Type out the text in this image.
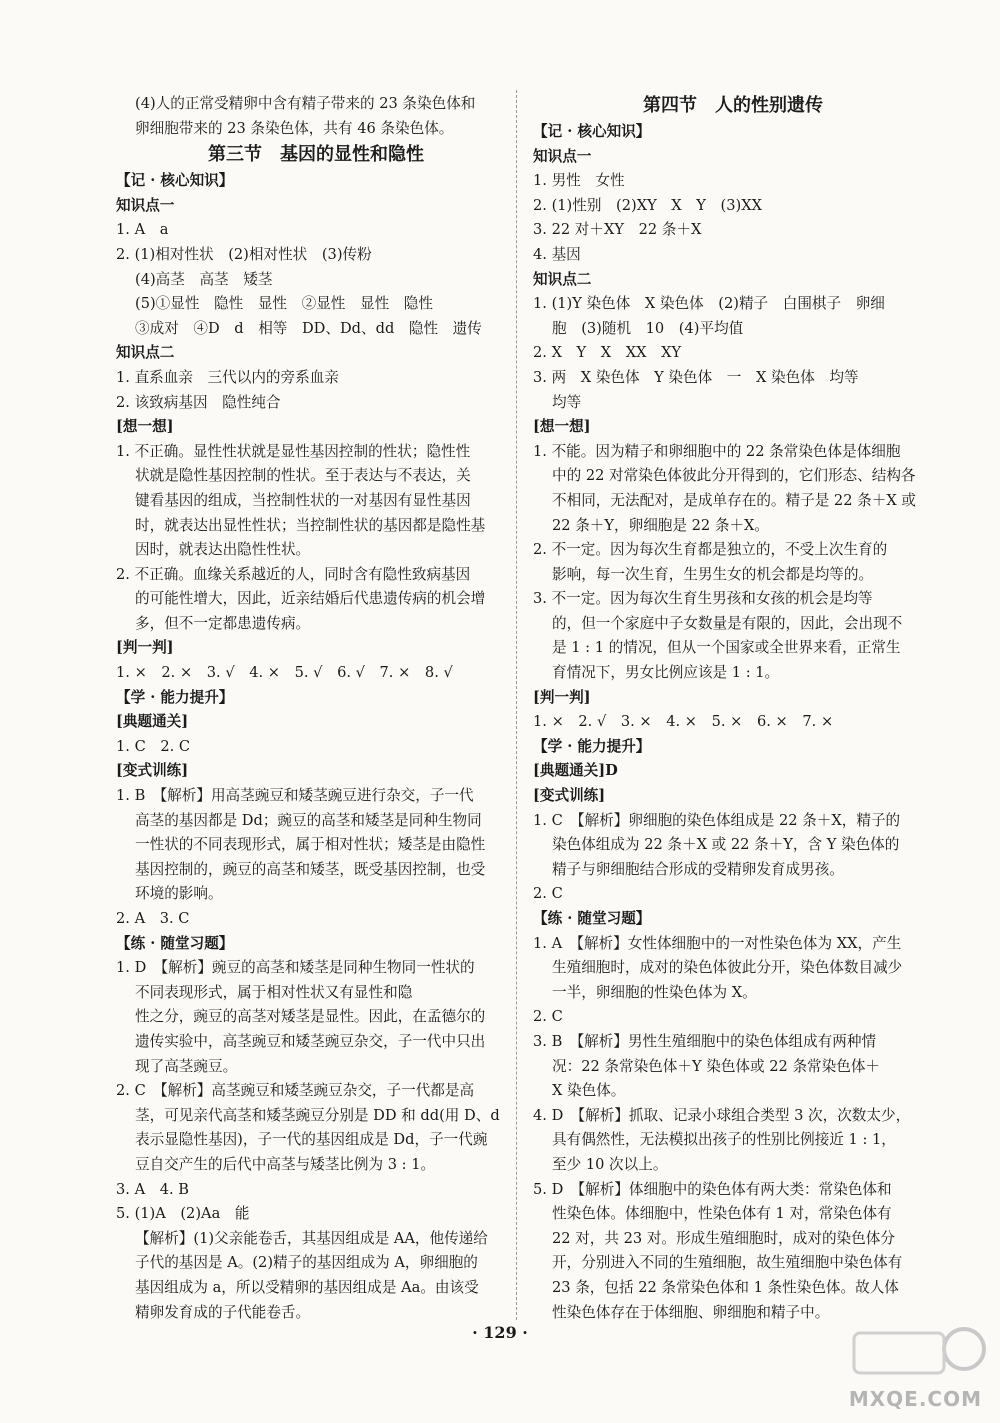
(4)人的正常受精卵中含有精子带来的 23 条染色体和
卵细胞带来的 23 条染色体，共有 46 条染色体。
第三节　基因的显性和隐性
【记 · 核心知识】
知识点一
1. A　a
2. (1)相对性状　(2)相对性状　(3)传粉
(4)高茎　高茎　矮茎
(5)①显性　隐性　显性　②显性　显性　隐性
③成对　④D　d　相等　DD、Dd、dd　隐性　遗传
知识点二
1. 直系血亲　三代以内的旁系血亲
2. 该致病基因　隐性纯合
[想一想]
1. 不正确。显性性状就是显性基因控制的性状；隐性性
状就是隐性基因控制的性状。至于表达与不表达，关
键看基因的组成，当控制性状的一对基因有显性基因
时，就表达出显性性状；当控制性状的基因都是隐性基
因时，就表达出隐性性状。
2. 不正确。血缘关系越近的人，同时含有隐性致病基因
的可能性增大，因此，近亲结婚后代患遗传病的机会增
多，但不一定都患遗传病。
[判一判]
1. ×　2. ×　3. √　4. ×　5. √　6. √　7. ×　8. √
【学 · 能力提升】
[典题通关]
1. C　2. C
[变式训练]
1. B　【解析】用高茎豌豆和矮茎豌豆进行杂交，子一代
高茎的基因都是 Dd；豌豆的高茎和矮茎是同种生物同
一性状的不同表现形式，属于相对性状；矮茎是由隐性
基因控制的，豌豆的高茎和矮茎，既受基因控制，也受
环境的影响。
2. A　3. C
【练 · 随堂习题】
1. D　【解析】豌豆的高茎和矮茎是同种生物同一性状的
不同表现形式，属于相对性状又有显性和隐
性之分，豌豆的高茎对矮茎是显性。因此，在孟德尔的
遗传实验中，高茎豌豆和矮茎豌豆杂交，子一代中只出
现了高茎豌豆。
2. C　【解析】高茎豌豆和矮茎豌豆杂交，子一代都是高
茎，可见亲代高茎和矮茎豌豆分别是 DD 和 dd(用 D、d
表示显隐性基因)，子一代的基因组成是 Dd，子一代豌
豆自交产生的后代中高茎与矮茎比例为 3 : 1。
3. A　4. B
5. (1)A　(2)Aa　能
【解析】(1)父亲能卷舌，其基因组成是 AA，他传递给
子代的基因是 A。(2)精子的基因组成为 A，卵细胞的
基因组成为 a，所以受精卵的基因组成是 Aa。由该受
精卵发育成的子代能卷舌。
第四节　人的性别遗传
【记 · 核心知识】
知识点一
1. 男性　女性
2. (1)性别　(2)XY　X　Y　(3)XX
3. 22 对＋XY　22 条＋X
4. 基因
知识点二
1. (1)Y 染色体　X 染色体　(2)精子　白围棋子　卵细
胞　(3)随机　10　(4)平均值
2. X　Y　X　XX　XY
3. 两　X 染色体　Y 染色体　一　X 染色体　均等
均等
[想一想]
1. 不能。因为精子和卵细胞中的 22 条常染色体是体细胞
中的 22 对常染色体彼此分开得到的，它们形态、结构各
不相同，无法配对，是成单存在的。精子是 22 条＋X 或
22 条＋Y，卵细胞是 22 条＋X。
2. 不一定。因为每次生育都是独立的，不受上次生育的
影响，每一次生育，生男生女的机会都是均等的。
3. 不一定。因为每次生育生男孩和女孩的机会是均等
的，但一个家庭中子女数量是有限的，因此，会出现不
是 1 : 1 的情况，但从一个国家或全世界来看，正常生
育情况下，男女比例应该是 1 : 1。
[判一判]
1. ×　2. √　3. ×　4. ×　5. ×　6. ×　7. ×
【学 · 能力提升】
[典题通关]D
[变式训练]
1. C　【解析】卵细胞的染色体组成是 22 条＋X，精子的
染色体组成为 22 条＋X 或 22 条＋Y，含 Y 染色体的
精子与卵细胞结合形成的受精卵发育成男孩。
2. C
【练 · 随堂习题】
1. A　【解析】女性体细胞中的一对性染色体为 XX，产生
生殖细胞时，成对的染色体彼此分开，染色体数目减少
一半，卵细胞的性染色体为 X。
2. C
3. B　【解析】男性生殖细胞中的染色体组成有两种情
况：22 条常染色体＋Y 染色体或 22 条常染色体＋
X 染色体。
4. D　【解析】抓取、记录小球组合类型 3 次，次数太少，
具有偶然性，无法模拟出孩子的性别比例接近 1 : 1，
至少 10 次以上。
5. D　【解析】体细胞中的染色体有两大类：常染色体和
性染色体。体细胞中，性染色体有 1 对，常染色体有
22 对，共 23 对。形成生殖细胞时，成对的染色体分
开，分别进入不同的生殖细胞，故生殖细胞中染色体有
23 条，包括 22 条常染色体和 1 条性染色体。故人体
性染色体存在于体细胞、卵细胞和精子中。
· 129 ·
MXQE.COM
